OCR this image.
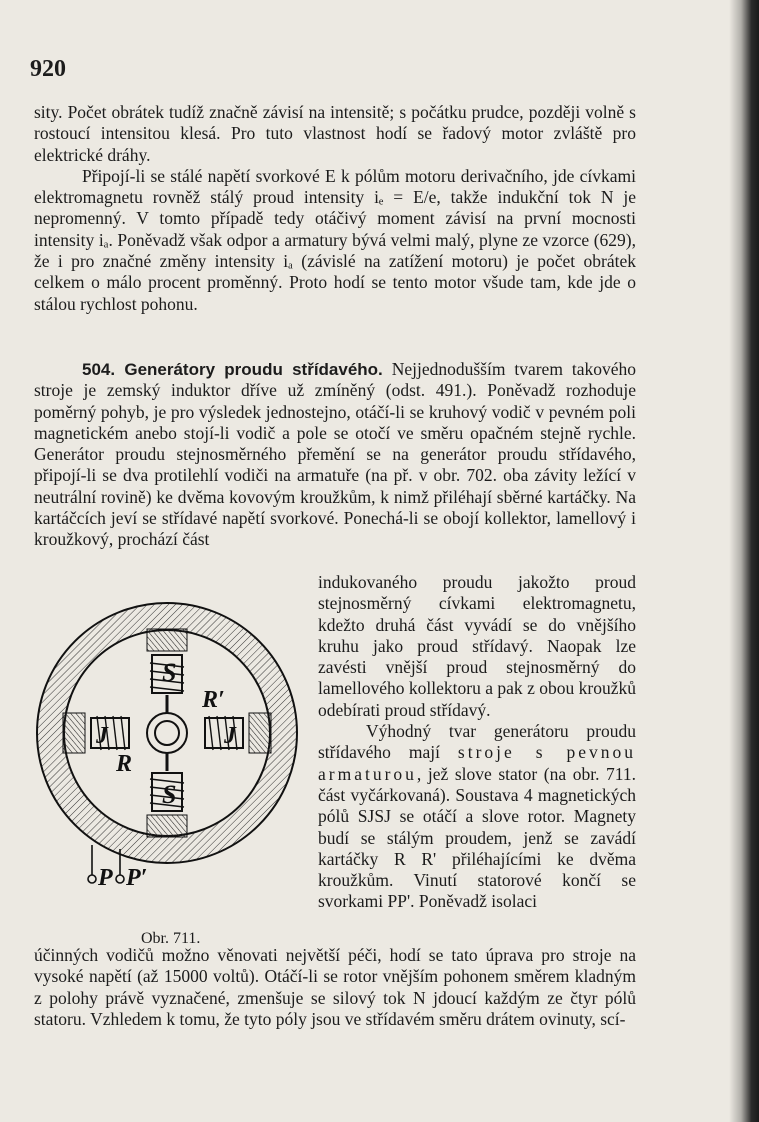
920

sity. Počet obrátek tudíž značně závisí na intensitě; s počátku prudce, později volně s rostoucí intensitou klesá. Pro tuto vlastnost hodí se řadový motor zvláště pro elektrické dráhy.

Připojí-li se stálé napětí svorkové E k pólům motoru derivačního, jde cívkami elektromagnetu rovněž stálý proud intensity iₑ = E/e, takže indukční tok N je nepromenný. V tomto případě tedy otáčivý moment závisí na první mocnosti intensity iₐ. Poněvadž však odpor a armatury bývá velmi malý, plyne ze vzorce (629), že i pro značné změny intensity iₐ (závislé na zatížení motoru) je počet obrátek celkem o málo procent proměnný. Proto hodí se tento motor všude tam, kde jde o stálou rychlost pohonu.

504. Generátory proudu střídavého. Nejjednodušším tvarem takového stroje je zemský induktor dříve už zmíněný (odst. 491.). Poněvadž rozhoduje poměrný pohyb, je pro výsledek jednostejno, otáčí-li se kruhový vodič v pevném poli magnetickém anebo stojí-li vodič a pole se otočí ve směru opačném stejně rychle. Generátor proudu stejnosměrného přemění se na generátor proudu střídavého, připojí-li se dva protilehlí vodiči na armatuře (na př. v obr. 702. oba závity ležící v neutrální rovině) ke dvěma kovovým kroužkům, k nimž přiléhají sběrné kartáčky. Na kartáčcích jeví se střídavé napětí svorkové. Ponechá-li se obojí kollektor, lamellový i kroužkový, prochází část

indukovaného proudu jakožto proud stejnosměrný cívkami elektromagnetu, kdežto druhá část vyvádí se do vnějšího kruhu jako proud střídavý. Naopak lze zavésti vnější proud stejnosměrný do lamellového kollektoru a pak z obou kroužků odebírati proud střídavý.

Výhodný tvar generátoru proudu střídavého mají stroje s pevnou armaturou, jež slove stator (na obr. 711. část vyčárkovaná). Soustava 4 magnetických pólů SJSJ se otáčí a slove rotor. Magnety budí se stálým proudem, jenž se zavádí kartáčky R R' přiléhajícími ke dvěma kroužkům. Vinutí statorové končí se svorkami PP'. Poněvadž isolaci

účinných vodičů možno věnovati největší péči, hodí se tato úprava pro stroje na vysoké napětí (až 15000 voltů). Otáčí-li se rotor vnějším pohonem směrem kladným z polohy právě vyznačené, zmenšuje se silový tok N jdoucí každým ze čtyr pólů statoru. Vzhledem k tomu, že tyto póly jsou ve střídavém směru drátem ovinuty, scí-

S
S
J	J
R
R′
P P′
Obr. 711.
